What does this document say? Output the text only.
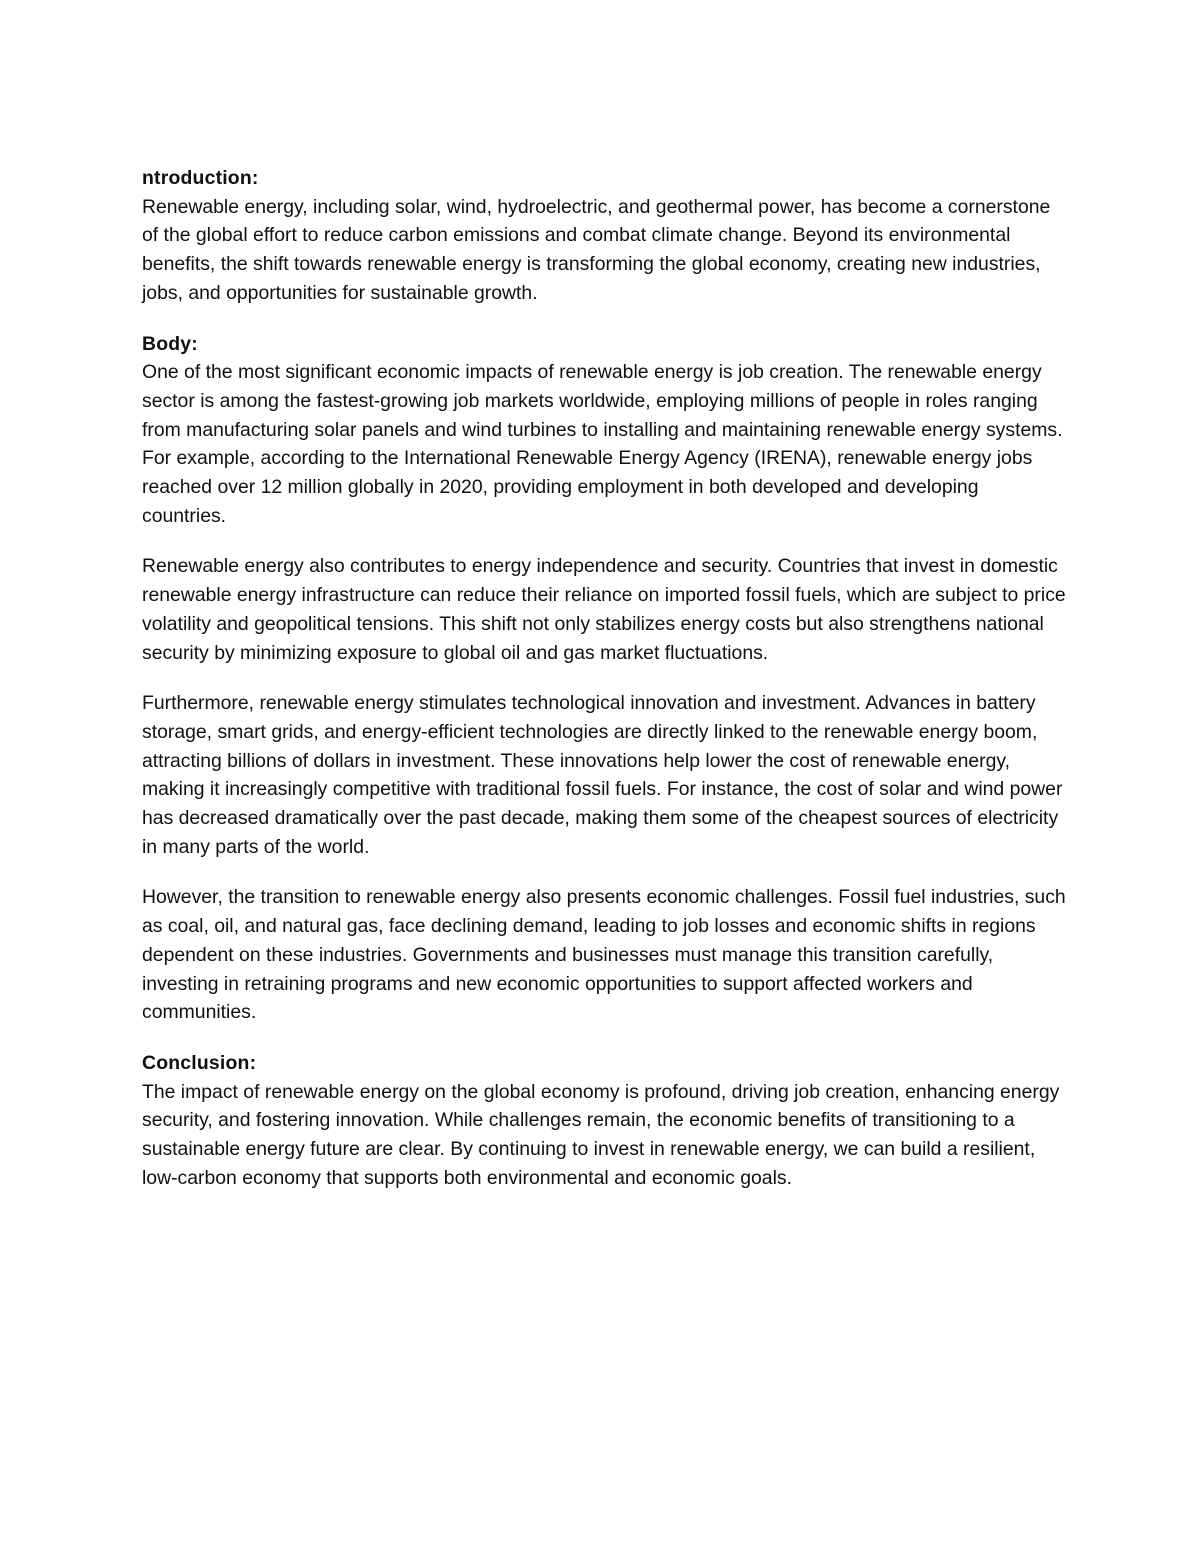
ntroduction:

Renewable energy, including solar, wind, hydroelectric, and geothermal power, has become a cornerstone of the global effort to reduce carbon emissions and combat climate change. Beyond its environmental benefits, the shift towards renewable energy is transforming the global economy, creating new industries, jobs, and opportunities for sustainable growth.

Body:

One of the most significant economic impacts of renewable energy is job creation. The renewable energy sector is among the fastest-growing job markets worldwide, employing millions of people in roles ranging from manufacturing solar panels and wind turbines to installing and maintaining renewable energy systems. For example, according to the International Renewable Energy Agency (IRENA), renewable energy jobs reached over 12 million globally in 2020, providing employment in both developed and developing countries.

Renewable energy also contributes to energy independence and security. Countries that invest in domestic renewable energy infrastructure can reduce their reliance on imported fossil fuels, which are subject to price volatility and geopolitical tensions. This shift not only stabilizes energy costs but also strengthens national security by minimizing exposure to global oil and gas market fluctuations.

Furthermore, renewable energy stimulates technological innovation and investment. Advances in battery storage, smart grids, and energy-efficient technologies are directly linked to the renewable energy boom, attracting billions of dollars in investment. These innovations help lower the cost of renewable energy, making it increasingly competitive with traditional fossil fuels. For instance, the cost of solar and wind power has decreased dramatically over the past decade, making them some of the cheapest sources of electricity in many parts of the world.

However, the transition to renewable energy also presents economic challenges. Fossil fuel industries, such as coal, oil, and natural gas, face declining demand, leading to job losses and economic shifts in regions dependent on these industries. Governments and businesses must manage this transition carefully, investing in retraining programs and new economic opportunities to support affected workers and communities.

Conclusion:

The impact of renewable energy on the global economy is profound, driving job creation, enhancing energy security, and fostering innovation. While challenges remain, the economic benefits of transitioning to a sustainable energy future are clear. By continuing to invest in renewable energy, we can build a resilient, low-carbon economy that supports both environmental and economic goals.
